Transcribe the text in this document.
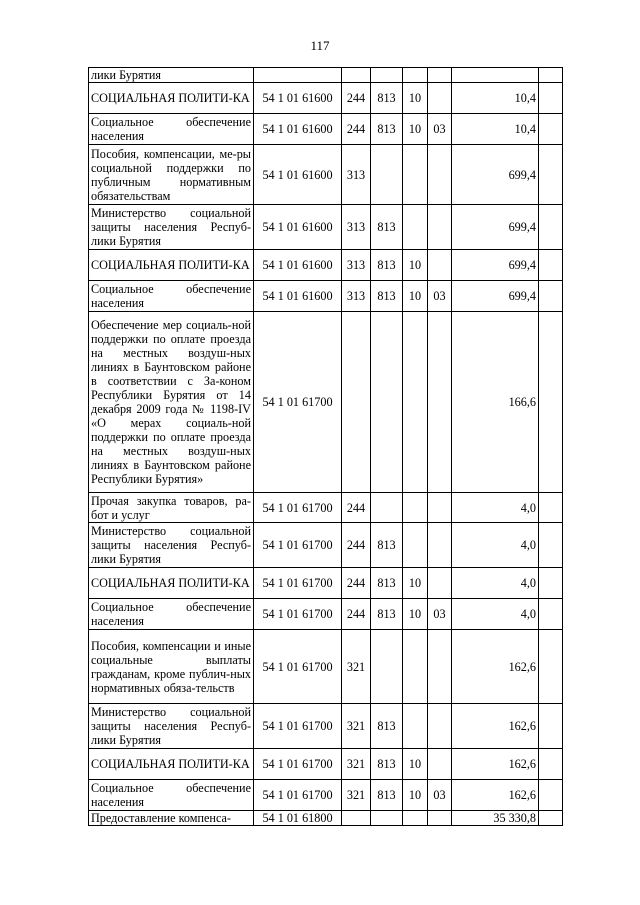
117
лики Бурятия							
СОЦИАЛЬНАЯ ПОЛИТИ-КА	54 1 01 61600	244	813	10		10,4	
Социальное обеспечение населения	54 1 01 61600	244	813	10	03	10,4	
Пособия, компенсации, ме-ры социальной поддержки по публичным нормативным обязательствам	54 1 01 61600	313				699,4	
Министерство социальной защиты населения Респуб-лики Бурятия	54 1 01 61600	313	813			699,4	
СОЦИАЛЬНАЯ ПОЛИТИ-КА	54 1 01 61600	313	813	10		699,4	
Социальное обеспечение населения	54 1 01 61600	313	813	10	03	699,4	
Обеспечение мер социаль-ной поддержки по оплате проезда на местных воздуш-ных линиях в Баунтовском районе в соответствии с За-коном Республики Бурятия от 14 декабря 2009 года № 1198-IV «О мерах социаль-ной поддержки по оплате проезда на местных воздуш-ных линиях в Баунтовском районе Республики Бурятия»	54 1 01 61700					166,6	
Прочая закупка товаров, ра-бот и услуг	54 1 01 61700	244				4,0	
Министерство социальной защиты населения Респуб-лики Бурятия	54 1 01 61700	244	813			4,0	
СОЦИАЛЬНАЯ ПОЛИТИ-КА	54 1 01 61700	244	813	10		4,0	
Социальное обеспечение населения	54 1 01 61700	244	813	10	03	4,0	
Пособия, компенсации и иные социальные выплаты гражданам, кроме публич-ных нормативных обяза-тельств	54 1 01 61700	321				162,6	
Министерство социальной защиты населения Респуб-лики Бурятия	54 1 01 61700	321	813			162,6	
СОЦИАЛЬНАЯ ПОЛИТИ-КА	54 1 01 61700	321	813	10		162,6	
Социальное обеспечение населения	54 1 01 61700	321	813	10	03	162,6	
Предоставление компенса-	54 1 01 61800					35 330,8	
